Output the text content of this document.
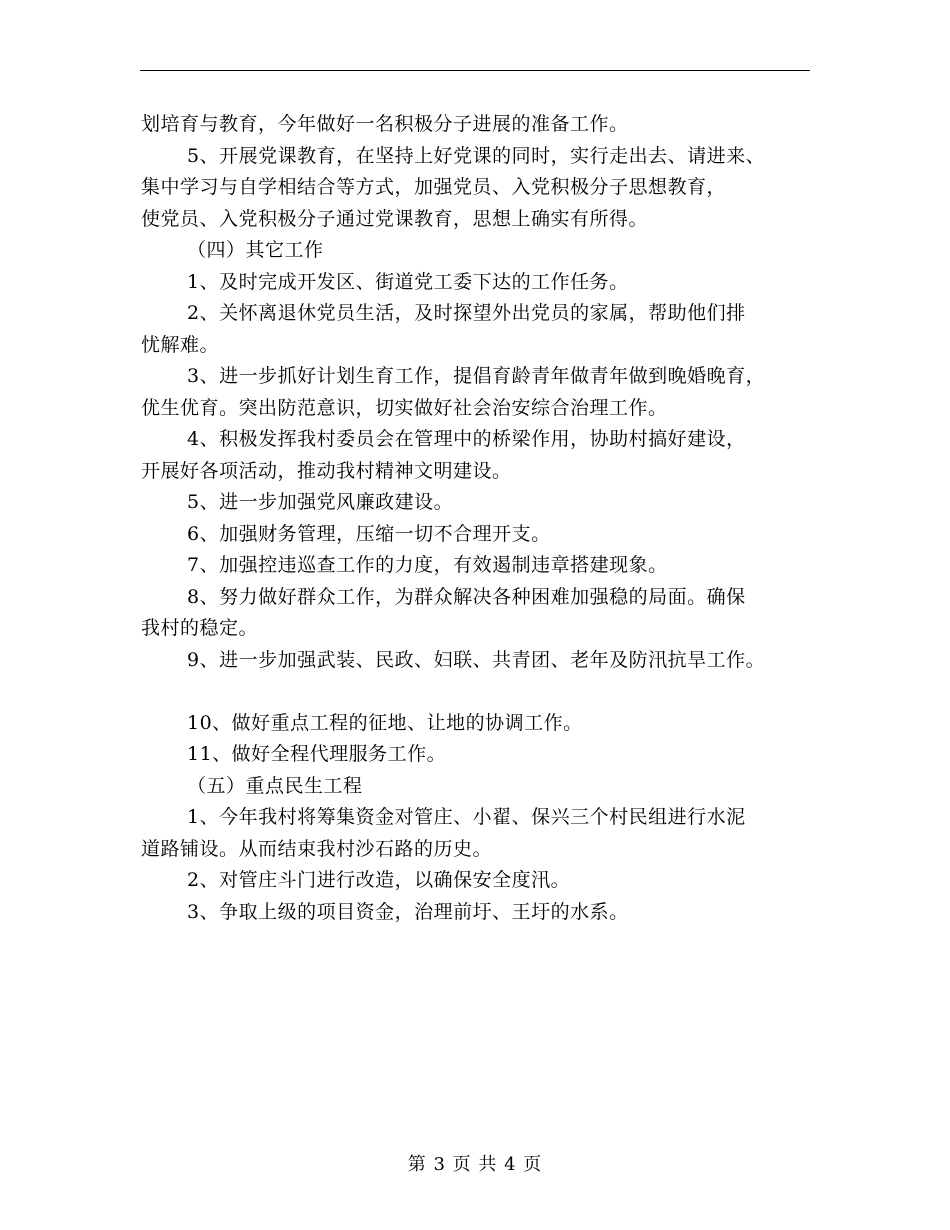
划培育与教育，今年做好一名积极分子进展的准备工作。
5、开展党课教育，在坚持上好党课的同时，实行走出去、请进来、
集中学习与自学相结合等方式，加强党员、入党积极分子思想教育，
使党员、入党积极分子通过党课教育，思想上确实有所得。
（四）其它工作
1、及时完成开发区、街道党工委下达的工作任务。
2、关怀离退休党员生活，及时探望外出党员的家属，帮助他们排
忧解难。
3、进一步抓好计划生育工作，提倡育龄青年做青年做到晚婚晚育，
优生优育。突出防范意识，切实做好社会治安综合治理工作。
4、积极发挥我村委员会在管理中的桥梁作用，协助村搞好建设，
开展好各项活动，推动我村精神文明建设。
5、进一步加强党风廉政建设。
6、加强财务管理，压缩一切不合理开支。
7、加强控违巡查工作的力度，有效遏制违章搭建现象。
8、努力做好群众工作，为群众解决各种困难加强稳的局面。确保
我村的稳定。
9、进一步加强武装、民政、妇联、共青团、老年及防汛抗旱工作。
10、做好重点工程的征地、让地的协调工作。
11、做好全程代理服务工作。
（五）重点民生工程
1、今年我村将筹集资金对管庄、小翟、保兴三个村民组进行水泥
道路铺设。从而结束我村沙石路的历史。
2、对管庄斗门进行改造，以确保安全度汛。
3、争取上级的项目资金，治理前圩、王圩的水系。
第 3 页 共 4 页
